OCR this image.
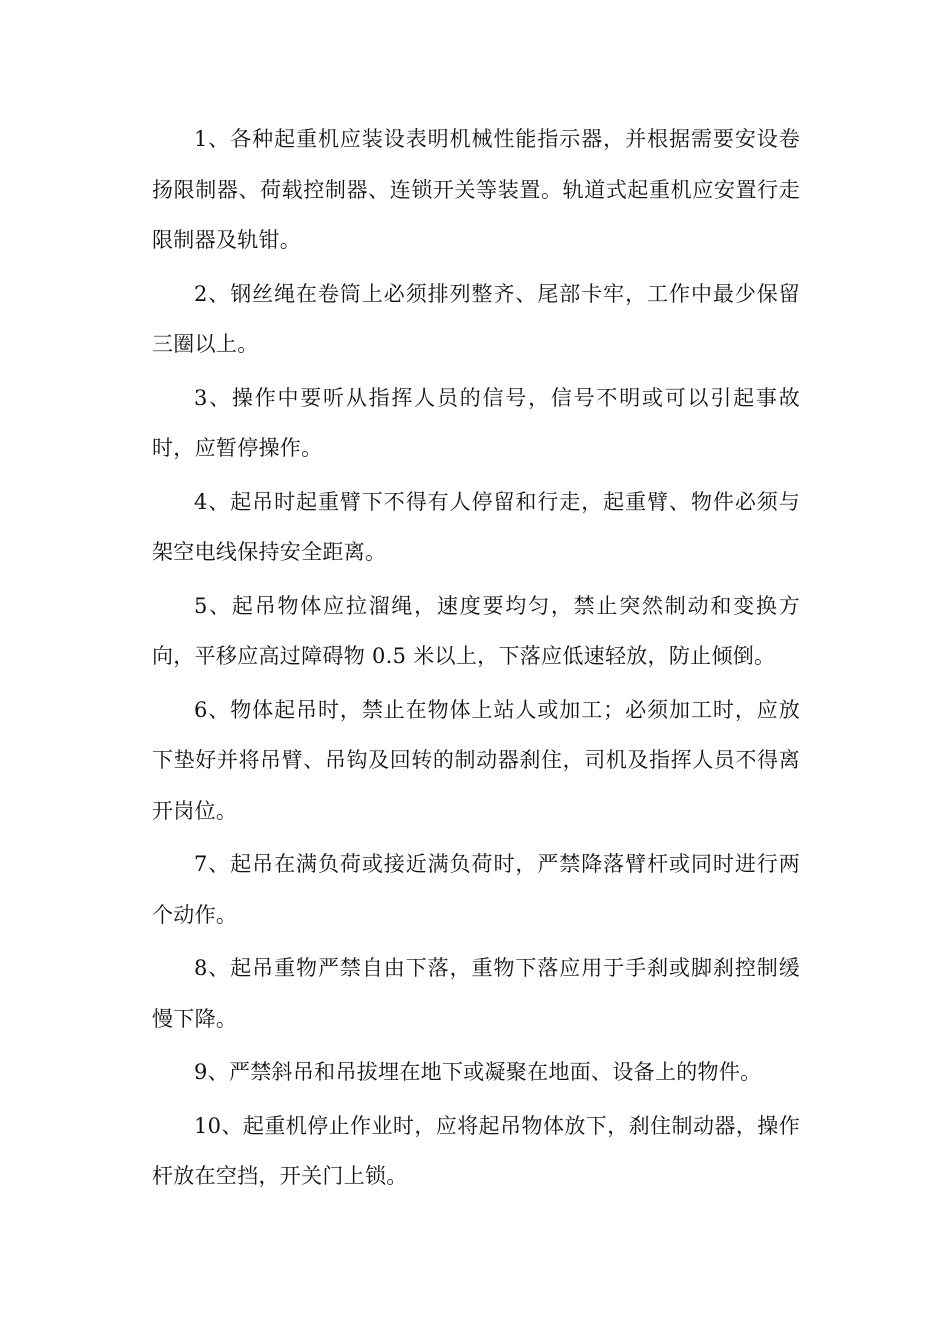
1、各种起重机应装设表明机械性能指示器，并根据需要安设卷扬限制器、荷载控制器、连锁开关等装置。轨道式起重机应安置行走限制器及轨钳。

2、钢丝绳在卷筒上必须排列整齐、尾部卡牢，工作中最少保留三圈以上。

3、操作中要听从指挥人员的信号，信号不明或可以引起事故时，应暂停操作。

4、起吊时起重臂下不得有人停留和行走，起重臂、物件必须与架空电线保持安全距离。

5、起吊物体应拉溜绳，速度要均匀，禁止突然制动和变换方向，平移应高过障碍物 0.5 米以上，下落应低速轻放，防止倾倒。

6、物体起吊时，禁止在物体上站人或加工；必须加工时，应放下垫好并将吊臂、吊钩及回转的制动器刹住，司机及指挥人员不得离开岗位。

7、起吊在满负荷或接近满负荷时，严禁降落臂杆或同时进行两个动作。

8、起吊重物严禁自由下落，重物下落应用于手刹或脚刹控制缓慢下降。

9、严禁斜吊和吊拔埋在地下或凝聚在地面、设备上的物件。

10、起重机停止作业时，应将起吊物体放下，刹住制动器，操作杆放在空挡，开关门上锁。
